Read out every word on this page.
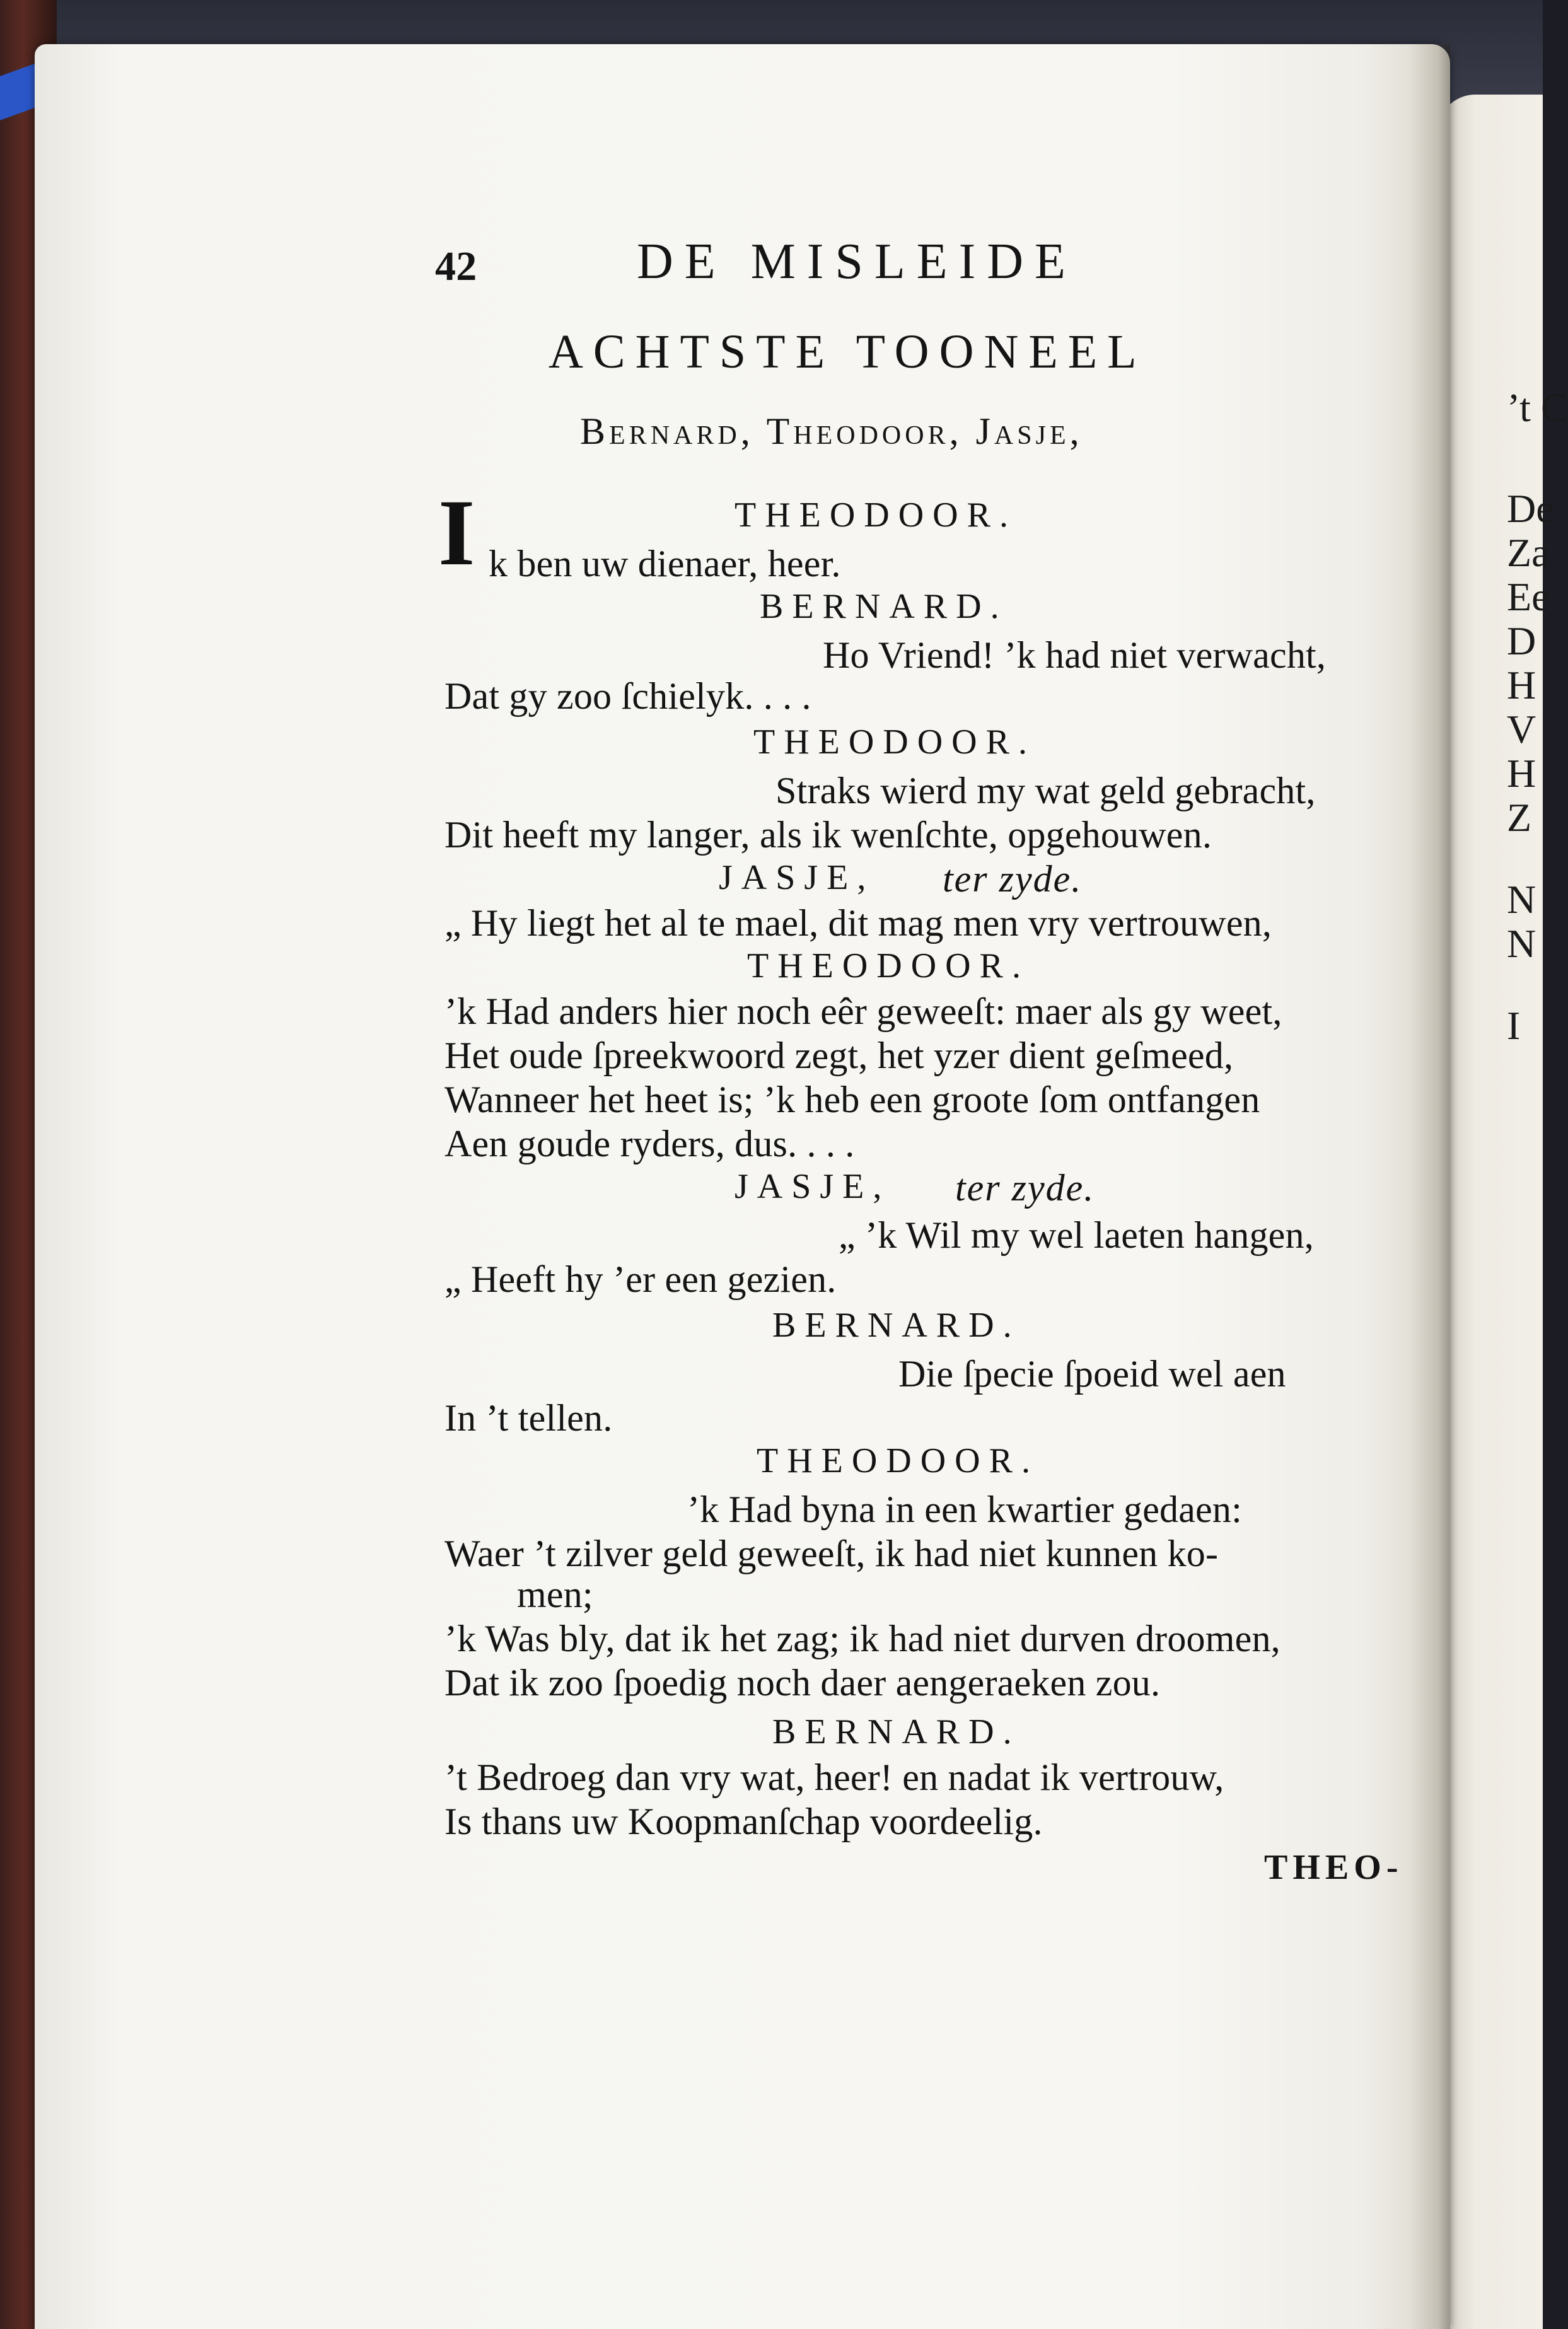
’t C
De
Za
Ee
D
H
V
H
Z
N
N
I
42	DE MISLEIDE
ACHTSTE TOONEEL
Bernard, Theodoor, Jasje,
THEODOOR.
I k ben uw dienaer, heer.
BERNARD.
Ho Vriend! ’k had niet verwacht,
Dat gy zoo ſchielyk. . . .
THEODOOR.
Straks wierd my wat geld gebracht,
Dit heeft my langer, als ik wenſchte, opgehouwen.
JASJE, ter zyde.
„ Hy liegt het al te mael, dit mag men vry vertrouwen,
THEODOOR.
’k Had anders hier noch eêr geweeſt: maer als gy weet,
Het oude ſpreekwoord zegt, het yzer dient geſmeed,
Wanneer het heet is; ’k heb een groote ſom ontfangen
Aen goude ryders, dus. . . .
JASJE, ter zyde.
„ ’k Wil my wel laeten hangen,
„ Heeft hy ’er een gezien.
BERNARD.
Die ſpecie ſpoeid wel aen
In ’t tellen.
THEODOOR.
’k Had byna in een kwartier gedaen:
Waer ’t zilver geld geweeſt, ik had niet kunnen ko-
men;
’k Was bly, dat ik het zag; ik had niet durven droomen,
Dat ik zoo ſpoedig noch daer aengeraeken zou.
BERNARD.
’t Bedroeg dan vry wat, heer! en nadat ik vertrouw,
Is thans uw Koopmanſchap voordeelig.
THEO-
